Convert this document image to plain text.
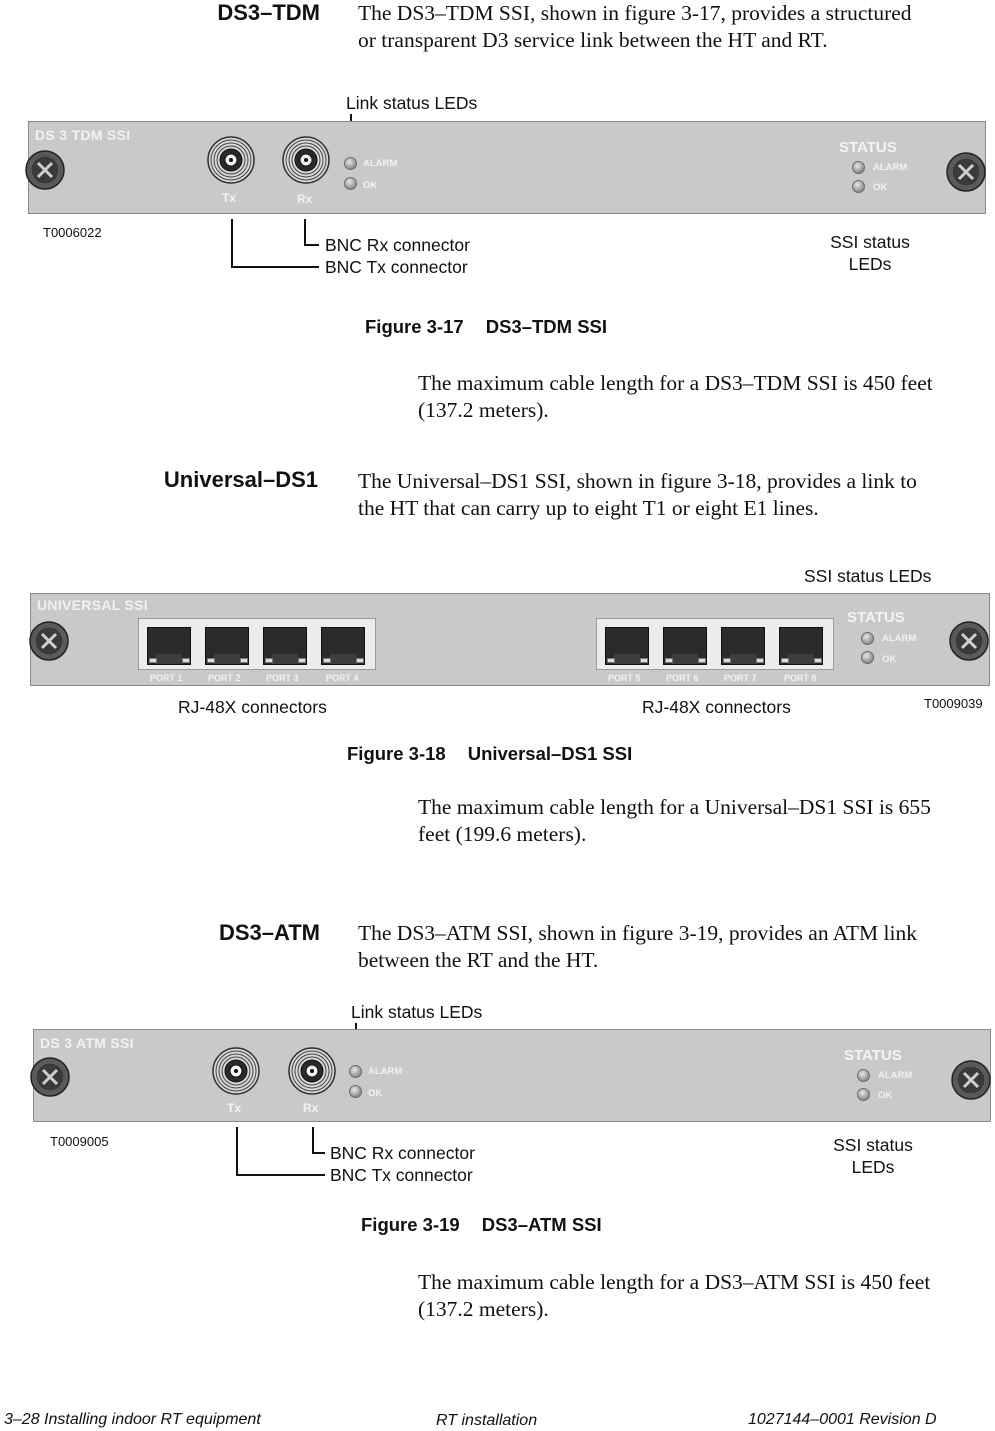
DS3–TDM The DS3–TDM SSI, shown in figure 3-17, provides a structured
or transparent D3 service link between the HT and RT.
Link status LEDs
DS 3 TDM SSI
Tx	Rx
ALARM
OK
STATUS
ALARM
OK
T0006022
BNC Rx connector
BNC Tx connector
SSI status
LEDs
Figure 3-17 DS3–TDM SSI
The maximum cable length for a DS3–TDM SSI is 450 feet
(137.2 meters).
Universal–DS1 The Universal–DS1 SSI, shown in figure 3-18, provides a link to
the HT that can carry up to eight T1 or eight E1 lines.
SSI status LEDs
UNIVERSAL SSI
PORT 1	PORT 2	PORT 3	PORT 4	PORT 5	PORT 6	PORT 7	PORT 8
STATUS
ALARM
OK
RJ-48X connectors	RJ-48X connectors	T0009039
Figure 3-18 Universal–DS1 SSI
The maximum cable length for a Universal–DS1 SSI is 655
feet (199.6 meters).
DS3–ATM The DS3–ATM SSI, shown in figure 3-19, provides an ATM link
between the RT and the HT.
Link status LEDs
DS 3 ATM SSI
Tx	Rx
ALARM
OK
STATUS
ALARM
OK
T0009005
BNC Rx connector
BNC Tx connector
SSI status
LEDs
Figure 3-19 DS3–ATM SSI
The maximum cable length for a DS3–ATM SSI is 450 feet
(137.2 meters).
3–28 Installing indoor RT equipment	RT installation	1027144–0001 Revision D
